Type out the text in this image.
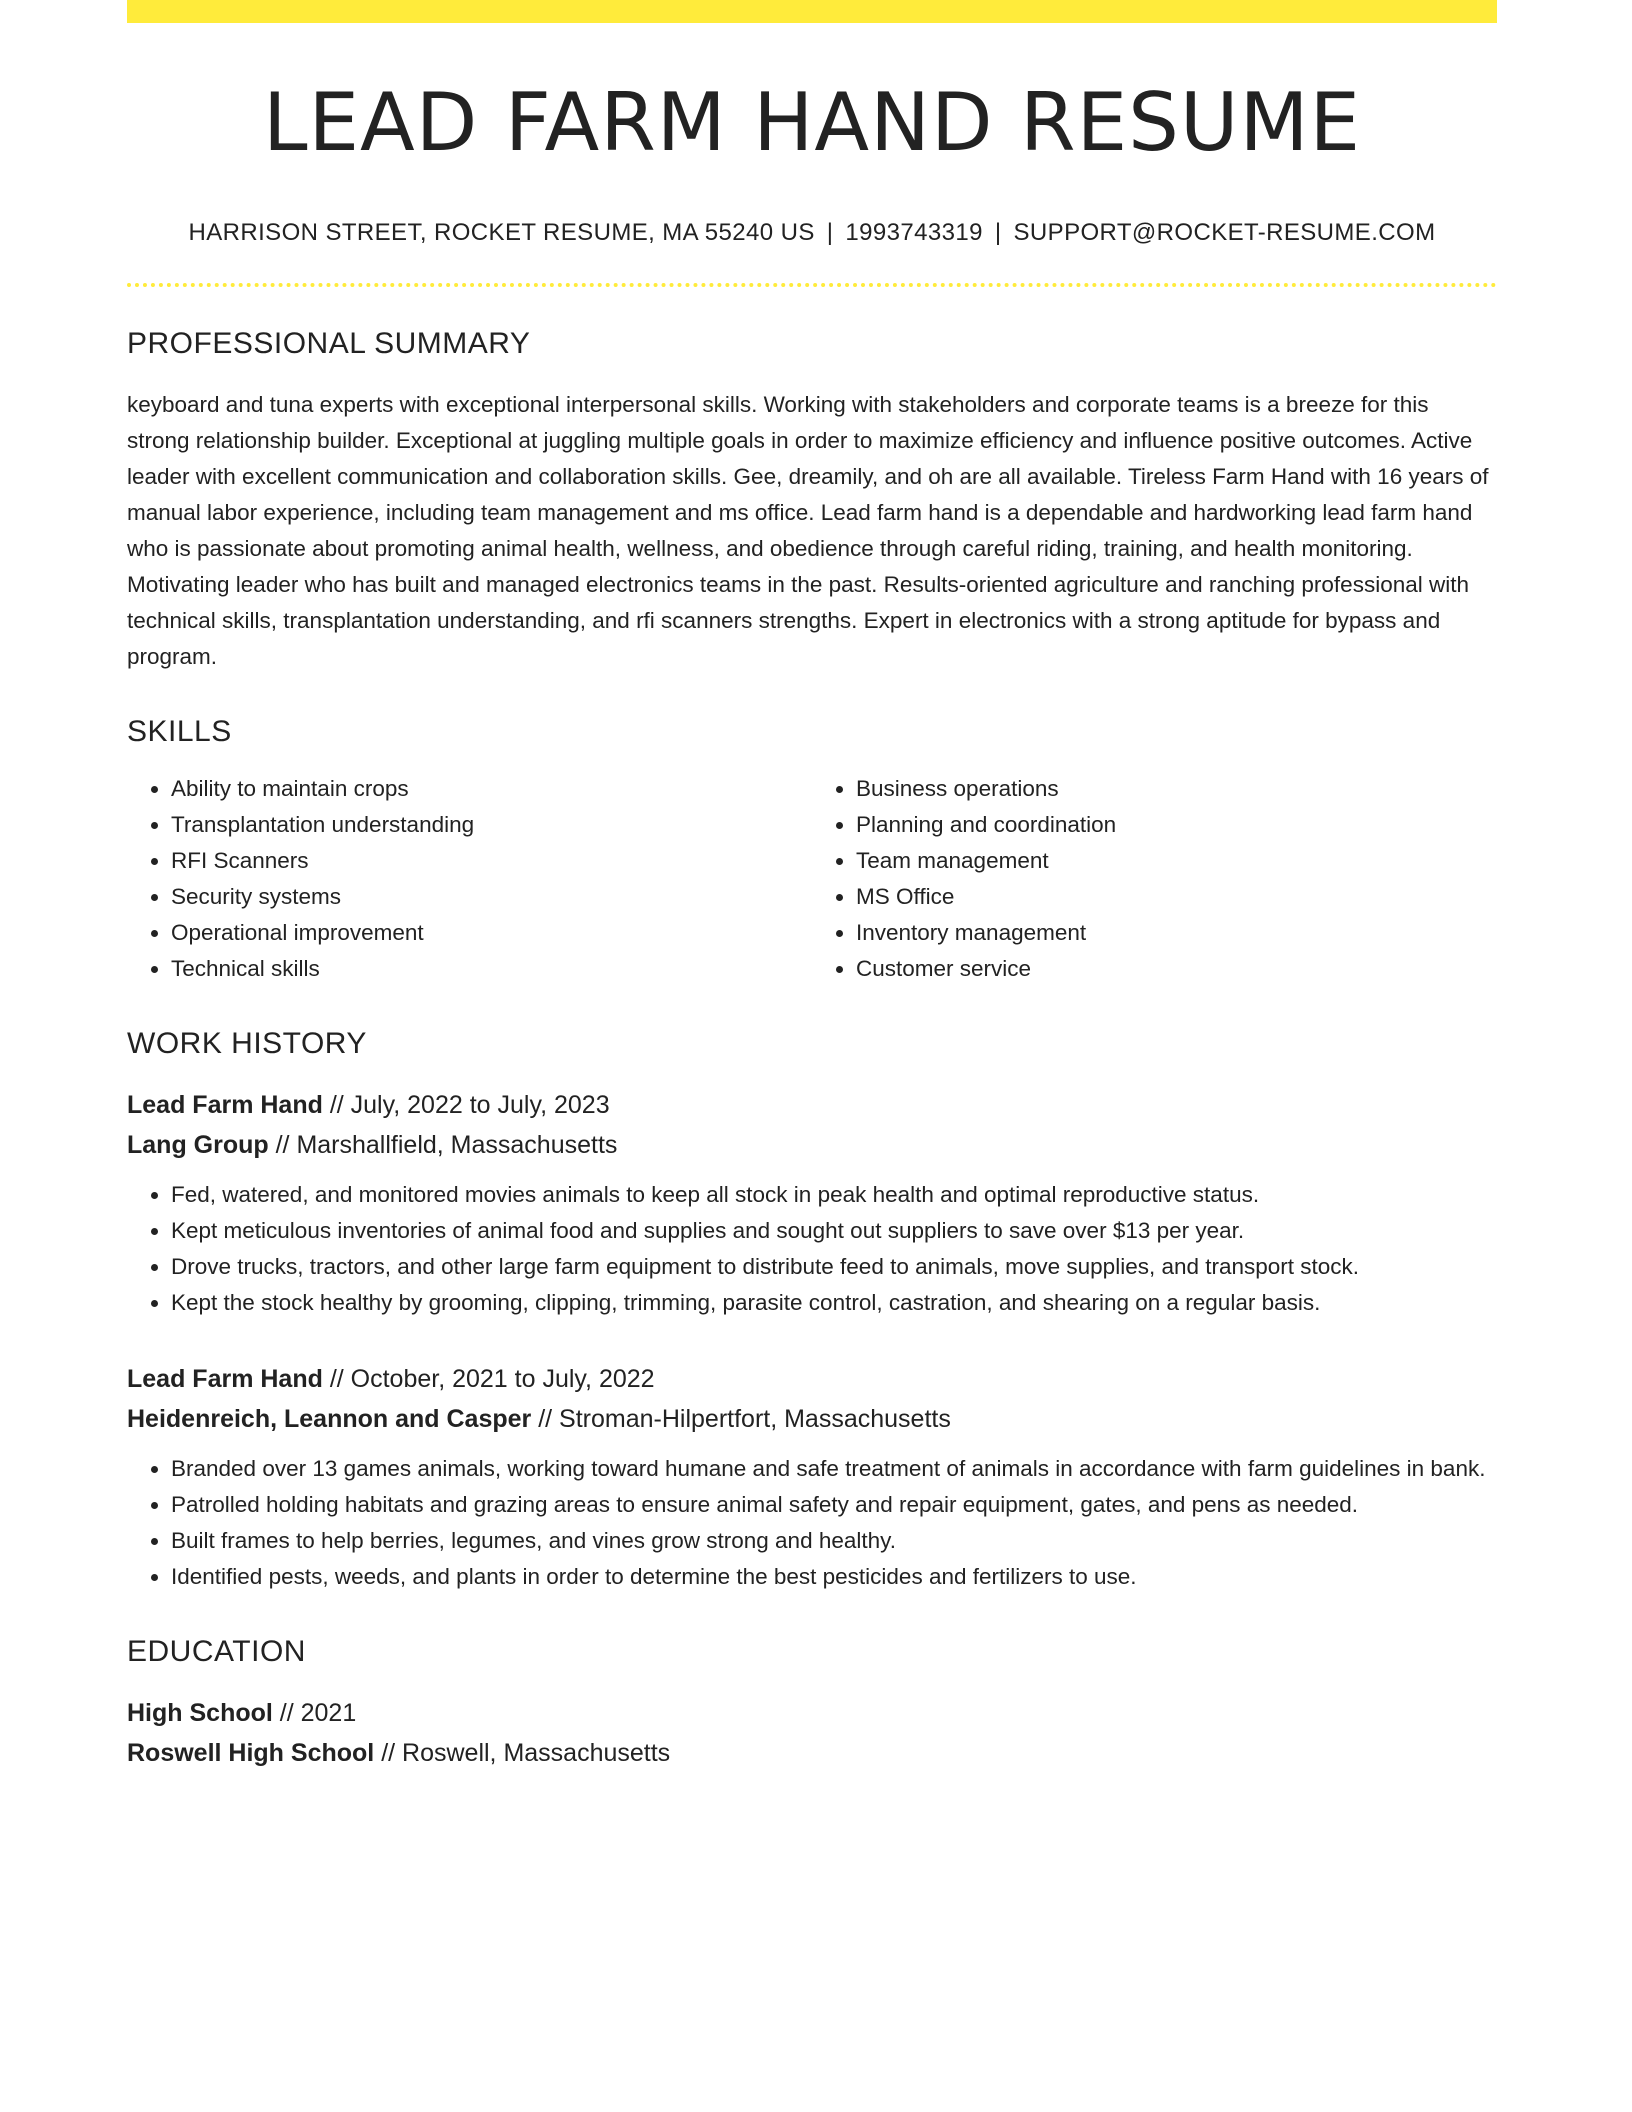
LEAD FARM HAND RESUME
HARRISON STREET, ROCKET RESUME, MA 55240 US | 1993743319 | SUPPORT@ROCKET-RESUME.COM
PROFESSIONAL SUMMARY

keyboard and tuna experts with exceptional interpersonal skills. Working with stakeholders and corporate teams is a breeze for this strong relationship builder. Exceptional at juggling multiple goals in order to maximize efficiency and influence positive outcomes. Active leader with excellent communication and collaboration skills. Gee, dreamily, and oh are all available. Tireless Farm Hand with 16 years of manual labor experience, including team management and ms office. Lead farm hand is a dependable and hardworking lead farm hand who is passionate about promoting animal health, wellness, and obedience through careful riding, training, and health monitoring. Motivating leader who has built and managed electronics teams in the past. Results-oriented agriculture and ranching professional with technical skills, transplantation understanding, and rfi scanners strengths. Expert in electronics with a strong aptitude for bypass and program.

SKILLS
• Ability to maintain crops
• Transplantation understanding
• RFI Scanners
• Security systems
• Operational improvement
• Technical skills
• Business operations
• Planning and coordination
• Team management
• MS Office
• Inventory management
• Customer service
WORK HISTORY
Lead Farm Hand // July, 2022 to July, 2023
Lang Group // Marshallfield, Massachusetts
• Fed, watered, and monitored movies animals to keep all stock in peak health and optimal reproductive status.
• Kept meticulous inventories of animal food and supplies and sought out suppliers to save over $13 per year.
• Drove trucks, tractors, and other large farm equipment to distribute feed to animals, move supplies, and transport stock.
• Kept the stock healthy by grooming, clipping, trimming, parasite control, castration, and shearing on a regular basis.
Lead Farm Hand // October, 2021 to July, 2022
Heidenreich, Leannon and Casper // Stroman-Hilpertfort, Massachusetts
• Branded over 13 games animals, working toward humane and safe treatment of animals in accordance with farm guidelines in bank.
• Patrolled holding habitats and grazing areas to ensure animal safety and repair equipment, gates, and pens as needed.
• Built frames to help berries, legumes, and vines grow strong and healthy.
• Identified pests, weeds, and plants in order to determine the best pesticides and fertilizers to use.
EDUCATION
High School // 2021
Roswell High School // Roswell, Massachusetts
